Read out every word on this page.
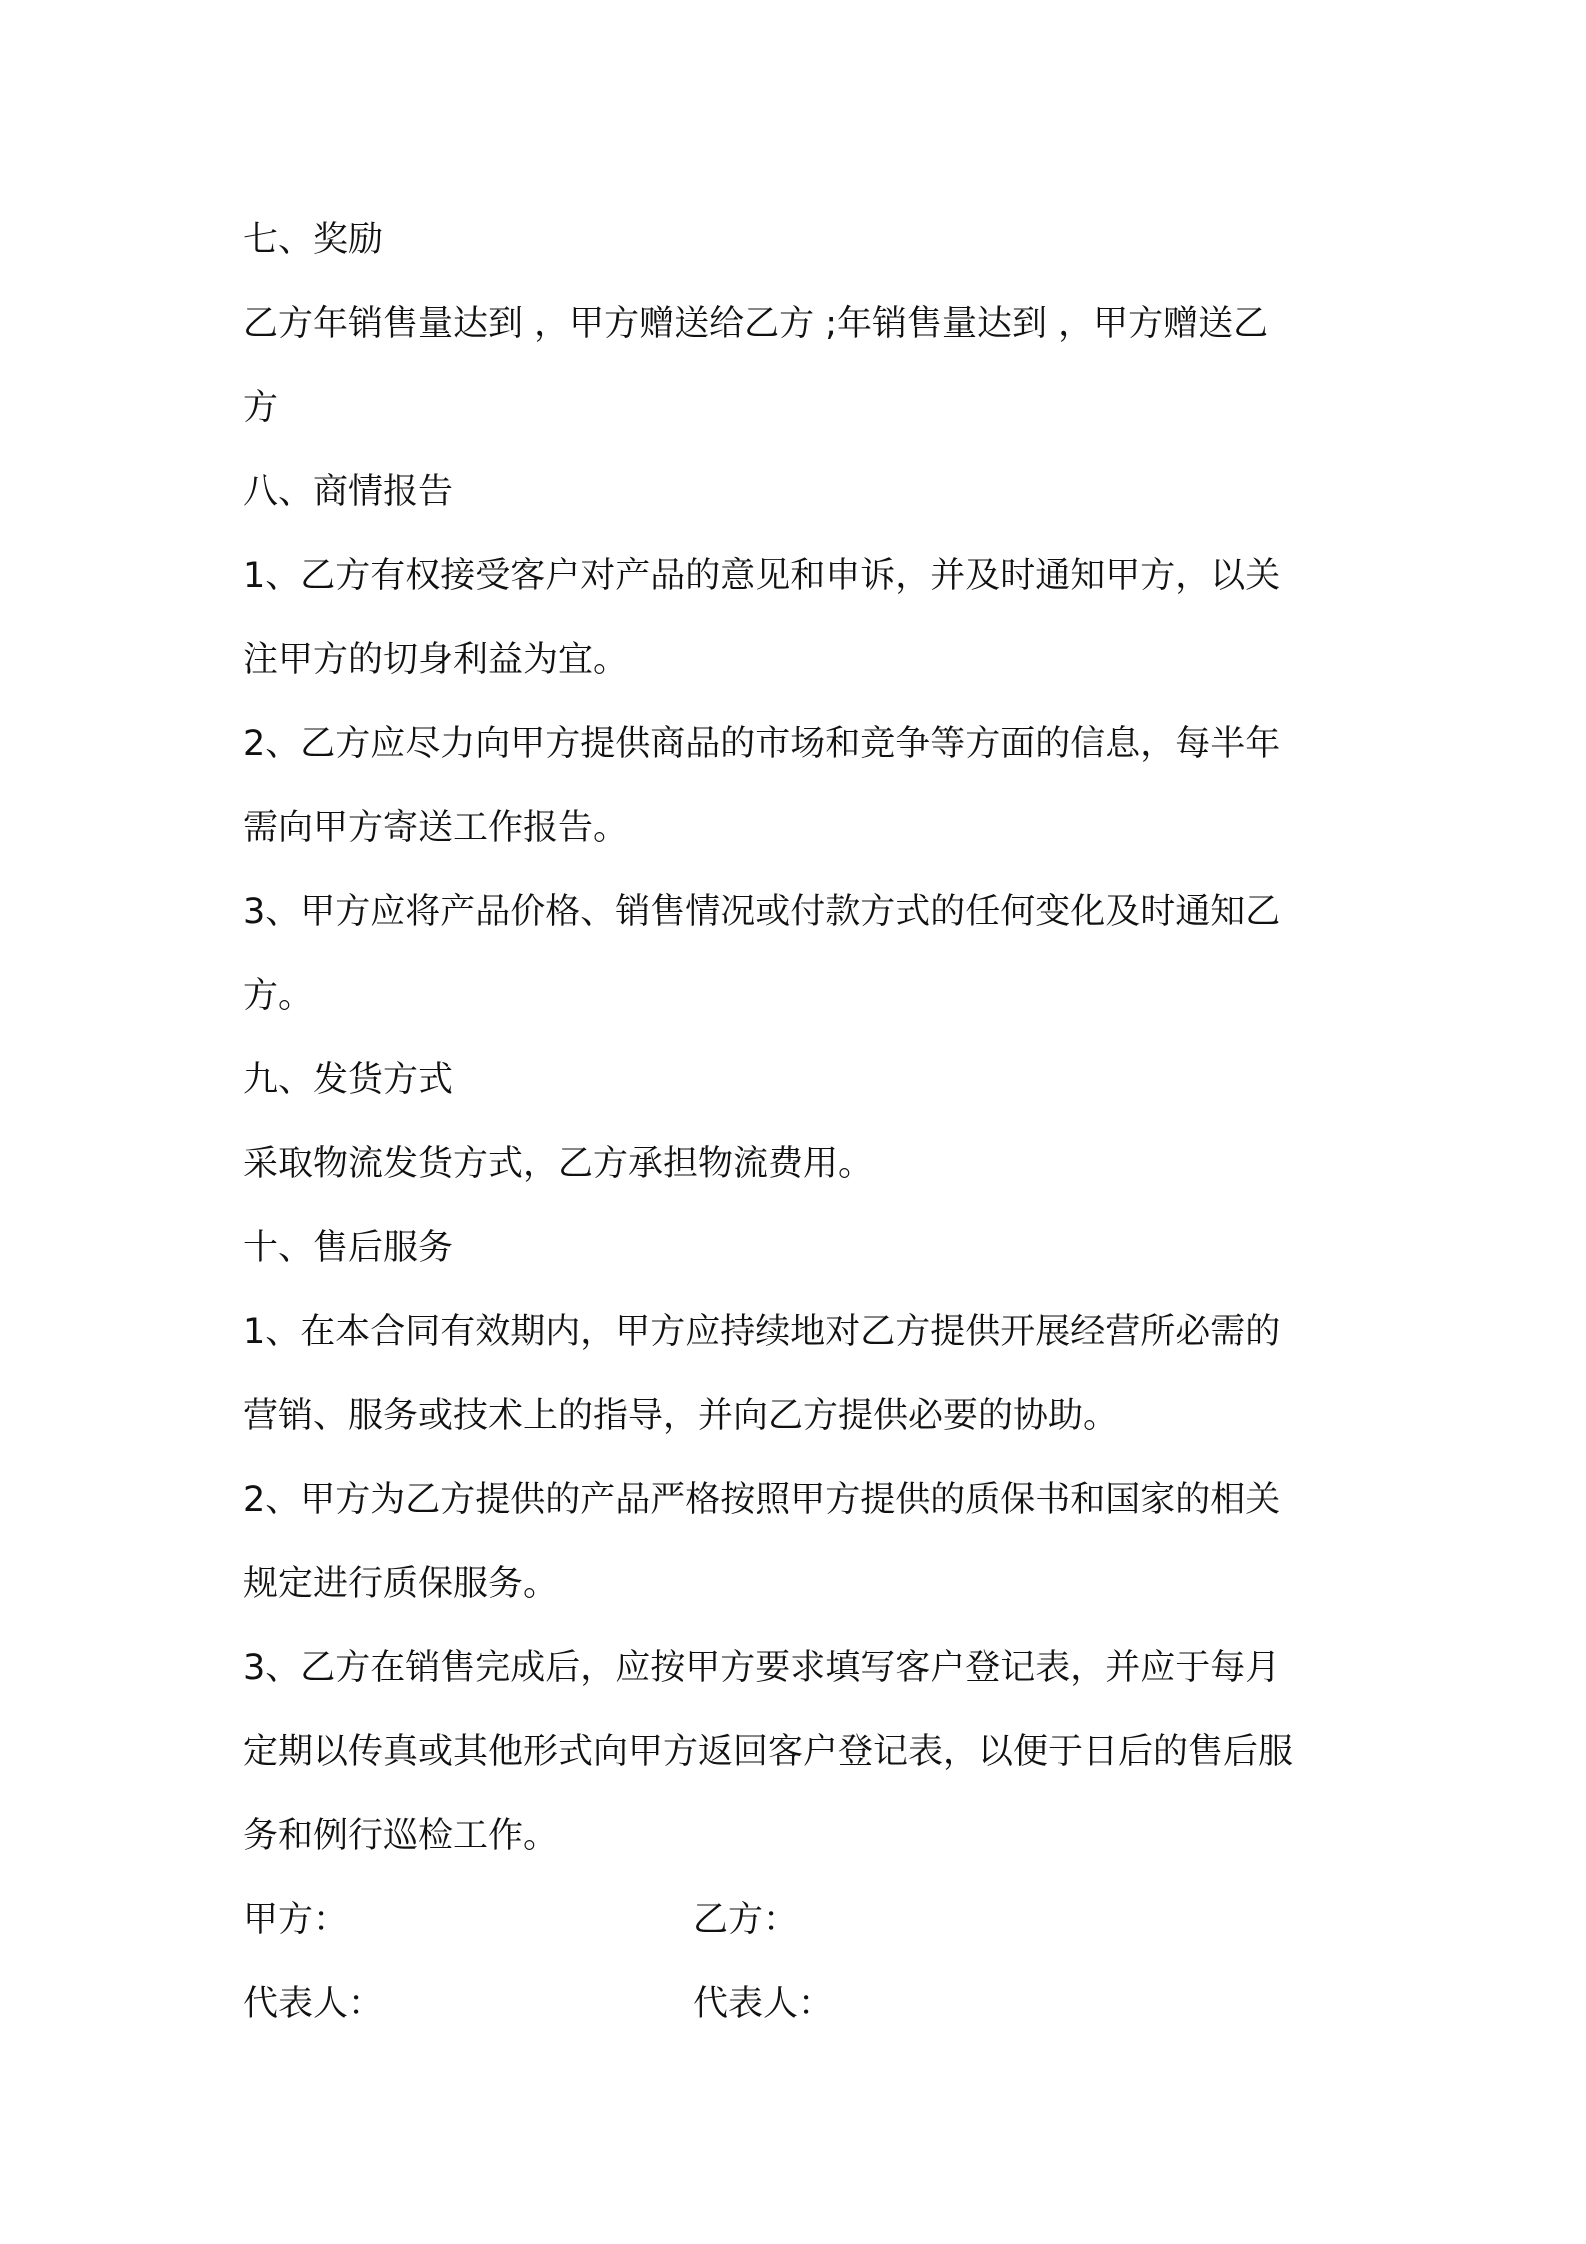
七、奖励
乙方年销售量达到 ，甲方赠送给乙方 ;年销售量达到 ，甲方赠送乙
方
八、商情报告
1、乙方有权接受客户对产品的意见和申诉，并及时通知甲方，以关
注甲方的切身利益为宜。
2、乙方应尽力向甲方提供商品的市场和竞争等方面的信息，每半年
需向甲方寄送工作报告。
3、甲方应将产品价格、销售情况或付款方式的任何变化及时通知乙
方。
九、发货方式
采取物流发货方式，乙方承担物流费用。
十、售后服务
1、在本合同有效期内，甲方应持续地对乙方提供开展经营所必需的
营销、服务或技术上的指导，并向乙方提供必要的协助。
2、甲方为乙方提供的产品严格按照甲方提供的质保书和国家的相关
规定进行质保服务。
3、乙方在销售完成后，应按甲方要求填写客户登记表，并应于每月
定期以传真或其他形式向甲方返回客户登记表，以便于日后的售后服
务和例行巡检工作。
甲方：	乙方：
代表人：	代表人：
